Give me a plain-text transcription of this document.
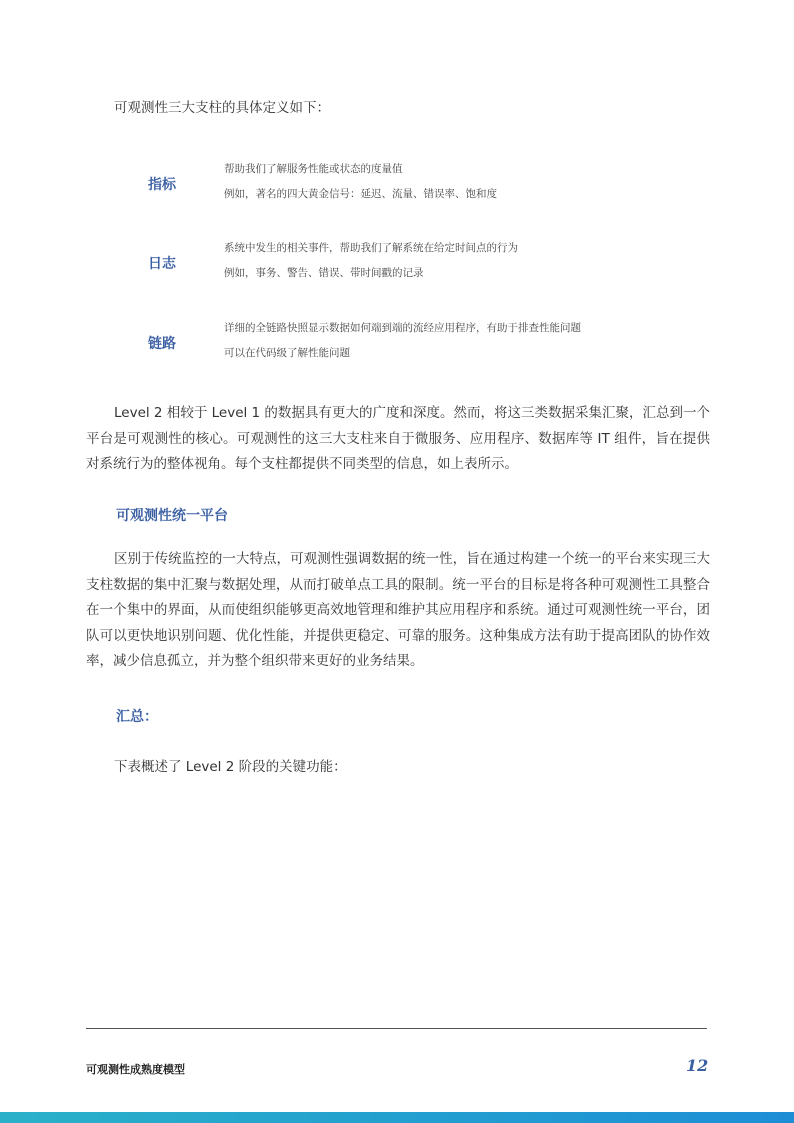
可观测性三大支柱的具体定义如下：
指标
帮助我们了解服务性能或状态的度量值
例如，著名的四大黄金信号：延迟、流量、错误率、饱和度
日志
系统中发生的相关事件，帮助我们了解系统在给定时间点的行为
例如，事务、警告、错误、带时间戳的记录
链路
详细的全链路快照显示数据如何端到端的流经应用程序，有助于排查性能问题
可以在代码级了解性能问题

Level 2 相较于 Level 1 的数据具有更大的广度和深度。然而，将这三类数据采集汇聚，汇总到一个平台是可观测性的核心。可观测性的这三大支柱来自于微服务、应用程序、数据库等 IT 组件，旨在提供对系统行为的整体视角。每个支柱都提供不同类型的信息，如上表所示。

可观测性统一平台

区别于传统监控的一大特点，可观测性强调数据的统一性，旨在通过构建一个统一的平台来实现三大支柱数据的集中汇聚与数据处理，从而打破单点工具的限制。统一平台的目标是将各种可观测性工具整合在一个集中的界面，从而使组织能够更高效地管理和维护其应用程序和系统。通过可观测性统一平台，团队可以更快地识别问题、优化性能，并提供更稳定、可靠的服务。这种集成方法有助于提高团队的协作效率，减少信息孤立，并为整个组织带来更好的业务结果。

汇总：
下表概述了 Level 2 阶段的关键功能：
可观测性成熟度模型	12
